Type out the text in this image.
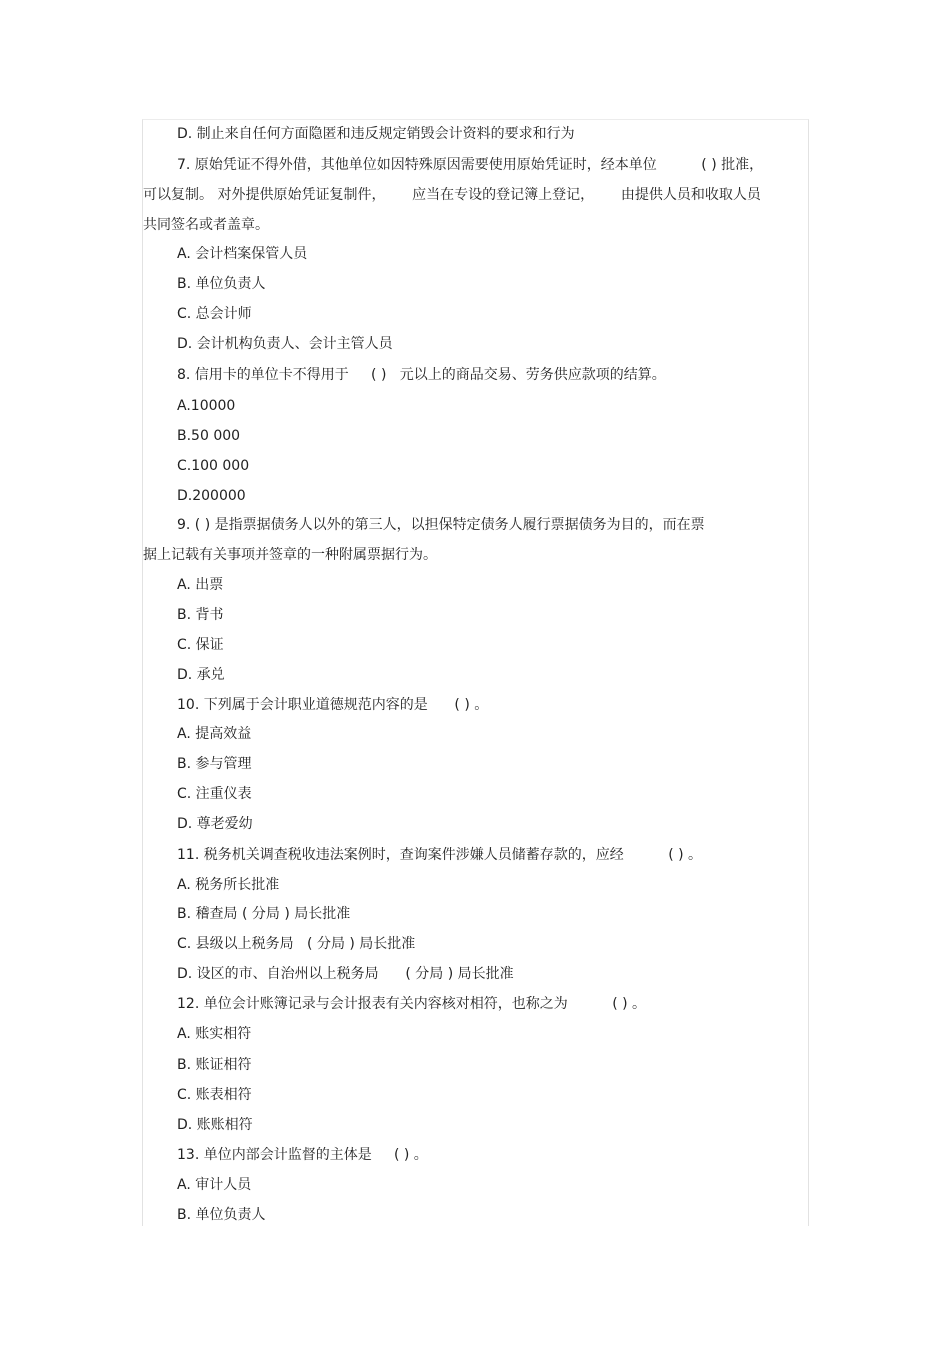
D. 制止来自任何方面隐匿和违反规定销毁会计资料的要求和行为
7. 原始凭证不得外借，其他单位如因特殊原因需要使用原始凭证时，经本单位          ( ) 批准，
可以复制。 对外提供原始凭证复制件，      应当在专设的登记簿上登记，      由提供人员和收取人员
共同签名或者盖章。
A. 会计档案保管人员
B. 单位负责人
C. 总会计师
D. 会计机构负责人、会计主管人员
8. 信用卡的单位卡不得用于     ( )   元以上的商品交易、劳务供应款项的结算。
A.10000
B.50 000
C.100 000
D.200000
9. ( ) 是指票据债务人以外的第三人，以担保特定债务人履行票据债务为目的，而在票
据上记载有关事项并签章的一种附属票据行为。
A. 出票
B. 背书
C. 保证
D. 承兑
10. 下列属于会计职业道德规范内容的是      ( ) 。
A. 提高效益
B. 参与管理
C. 注重仪表
D. 尊老爱幼
11. 税务机关调查税收违法案例时，查询案件涉嫌人员储蓄存款的，应经          ( ) 。
A. 税务所长批准
B. 稽查局 ( 分局 ) 局长批准
C. 县级以上税务局   ( 分局 ) 局长批准
D. 设区的市、自治州以上税务局      ( 分局 ) 局长批准
12. 单位会计账簿记录与会计报表有关内容核对相符，也称之为          ( ) 。
A. 账实相符
B. 账证相符
C. 账表相符
D. 账账相符
13. 单位内部会计监督的主体是     ( ) 。
A. 审计人员
B. 单位负责人
